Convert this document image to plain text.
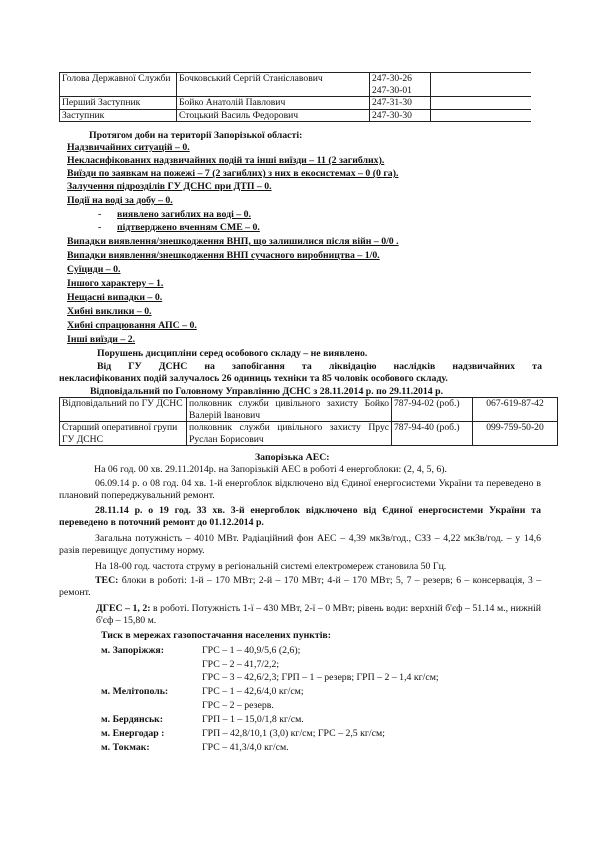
Голова Державної Служби	Бочковський Сергій Станіславович	247-30-26
247-30-01	

Перший Заступник	Бойко Анатолій Павлович	247-31-30	
Заступник	Стоцький Василь Федорович	247-30-30	
Протягом доби на території Запорізької області:
Надзвичайних ситуацій – 0.
Некласифікованих надзвичайних подій та інші виїзди – 11 (2 загиблих).
Виїзди по заявкам на пожежі – 7 (2 загиблих) з них в екосистемах – 0 (0 га).
Залучення підрозділів ГУ ДСНС при ДТП – 0.
Події на воді за добу – 0.
- виявлено загиблих на воді – 0.
- підтверджено вченням СМЕ – 0.
Випадки виявлення/знешкодження ВНП, що залишилися після війн – 0/0 .
Випадки виявлення/знешкодження ВНП сучасного виробництва – 1/0.
Суїциди – 0.
Іншого характеру – 1.
Нещасні випадки – 0.
Хибні виклики – 0.
Хибні спрацювання АПС – 0.
Інші виїзди – 2.
Порушень дисципліни серед особового складу – не виявлено.
Від ГУ ДСНС на запобігання та ліквідацію наслідків надзвичайних та
некласифікованих подій залучалось 26 одиниць техніки та 85 чоловік особового складу.
Відповідальний по Головному Управлінню ДСНС з 28.11.2014 р. по 29.11.2014 р.
Відповідальний по ГУ ДСНС	полковник служби цивільного захисту Бойко Валерій Іванович	787-94-02 (роб.)	067-619-87-42
Старший оперативної групи ГУ ДСНС	полковник служби цивільного захисту Прус Руслан Борисович	787-94-40 (роб.)	099-759-50-20
Запорізька АЕС:
На 06 год. 00 хв. 29.11.2014р. на Запорізькій АЕС в роботі 4 енергоблоки: (2, 4, 5, 6).
06.09.14 р. о 08 год. 04 хв. 1-й енергоблок відключено від Єдиної енергосистеми України та переведено в плановий попереджувальний ремонт.
28.11.14 р. о 19 год. 33 хв. 3-й енергоблок відключено від Єдиної енергосистеми України та переведено в поточний ремонт до 01.12.2014 р.
Загальна потужність – 4010 МВт. Радіаційний фон АЕС – 4,39 мкЗв/год., СЗЗ – 4,22 мкЗв/год. – у 14,6 разів перевищує допустиму норму.
На 18-00 год. частота струму в регіональній системі електромереж становила 50 Гц.
ТЕС: блоки в роботі: 1-й – 170 МВт; 2-й – 170 МВт; 4-й – 170 МВт; 5, 7 – резерв; 6 – консервація, 3 – ремонт.
ДГЕС – 1, 2: в роботі. Потужність 1-ї – 430 МВт, 2-ї – 0 МВт; рівень води: верхній б'єф – 51.14 м., нижній б'єф – 15,80 м.
Тиск в мережах газопостачання населених пунктів:
м. Запоріжжя:	ГРС – 1 – 40,9/5,6 (2,6);
ГРС – 2 – 41,7/2,2;
ГРС – 3 – 42,6/2,3; ГРП – 1 – резерв; ГРП – 2 – 1,4 кг/см;
м. Мелітополь:	ГРС – 1 – 42,6/4,0 кг/см;
ГРС – 2 – резерв.
м. Бердянськ:	ГРП – 1 – 15,0/1,8 кг/см.
м. Енергодар :	ГРП – 42,8/10,1 (3,0) кг/см; ГРС – 2,5 кг/см;
м. Токмак:	ГРС – 41,3/4,0 кг/см.
